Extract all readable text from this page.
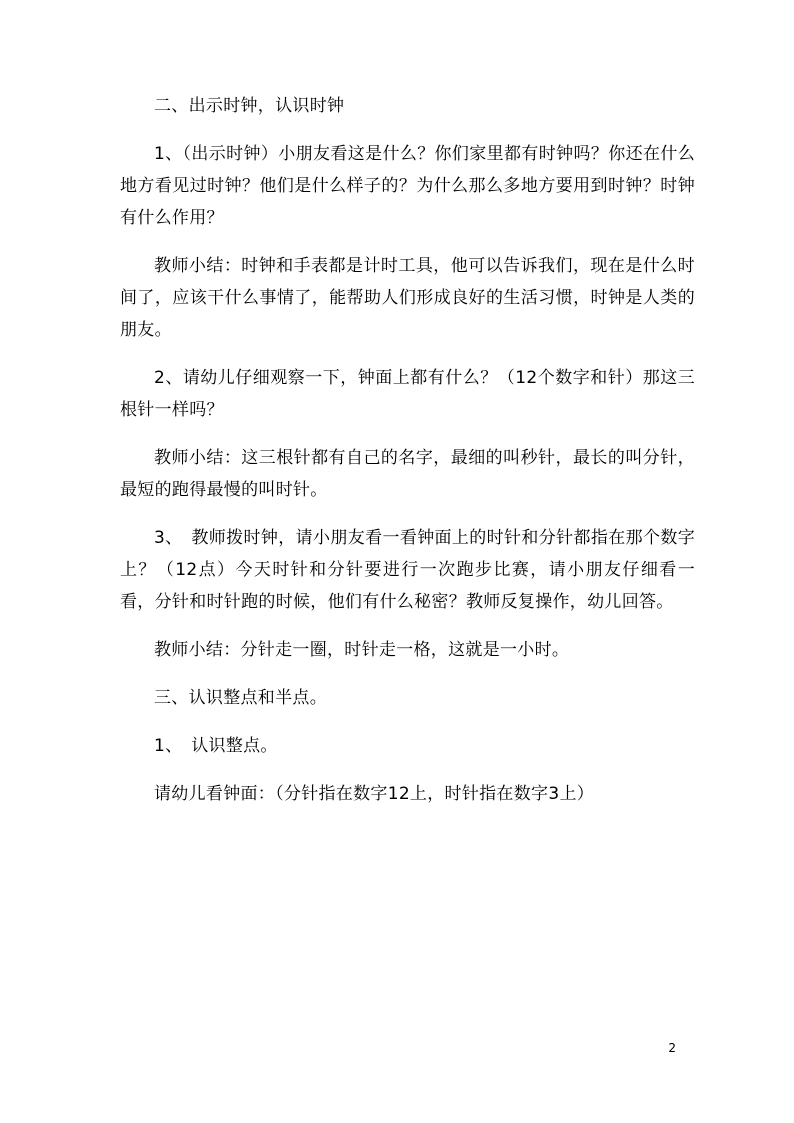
二、出示时钟，认识时钟

1、（出示时钟）小朋友看这是什么？你们家里都有时钟吗？你还在什么地方看见过时钟？他们是什么样子的？为什么那么多地方要用到时钟？时钟有什么作用？

教师小结：时钟和手表都是计时工具，他可以告诉我们，现在是什么时间了，应该干什么事情了，能帮助人们形成良好的生活习惯，时钟是人类的朋友。

2、请幼儿仔细观察一下，钟面上都有什么？（12个数字和针）那这三根针一样吗？

教师小结：这三根针都有自己的名字，最细的叫秒针，最长的叫分针，最短的跑得最慢的叫时针。

3、　教师拨时钟，请小朋友看一看钟面上的时针和分针都指在那个数字上？（12点）今天时针和分针要进行一次跑步比赛，请小朋友仔细看一看，分针和时针跑的时候，他们有什么秘密？教师反复操作，幼儿回答。

教师小结：分针走一圈，时针走一格，这就是一小时。

三、认识整点和半点。

1、　认识整点。

请幼儿看钟面：（分针指在数字12上，时针指在数字3上）

2
